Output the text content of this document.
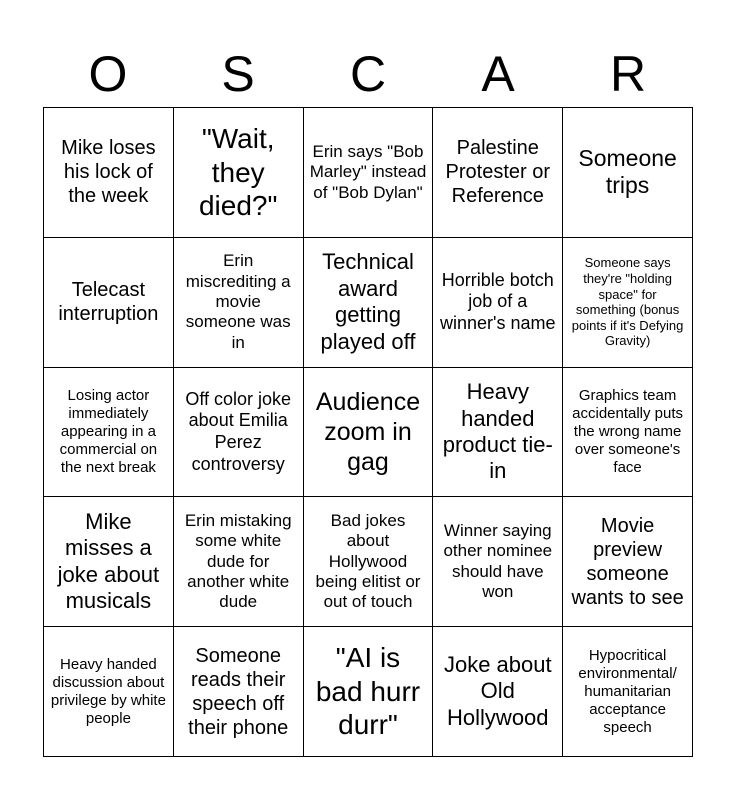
O	S	C	A	R
Mike loses his lock of the week
"Wait, they died?"
Erin says "Bob Marley" instead of "Bob Dylan"
Palestine Protester or Reference
Someone trips
Telecast interruption
Erin miscrediting a movie someone was in
Technical award getting played off
Horrible botch job of a winner's name
Someone says they're "holding space" for something (bonus points if it's Defying Gravity)
Losing actor immediately appearing in a commercial on the next break
Off color joke about Emilia Perez controversy
Audience zoom in gag
Heavy handed product tie-in
Graphics team accidentally puts the wrong name over someone's face
Mike misses a joke about musicals
Erin mistaking some white dude for another white dude
Bad jokes about Hollywood being elitist or out of touch
Winner saying other nominee should have won
Movie preview someone wants to see
Heavy handed discussion about privilege by white people
Someone reads their speech off their phone
"AI is bad hurr durr"
Joke about Old Hollywood
Hypocritical environmental/ humanitarian acceptance speech
